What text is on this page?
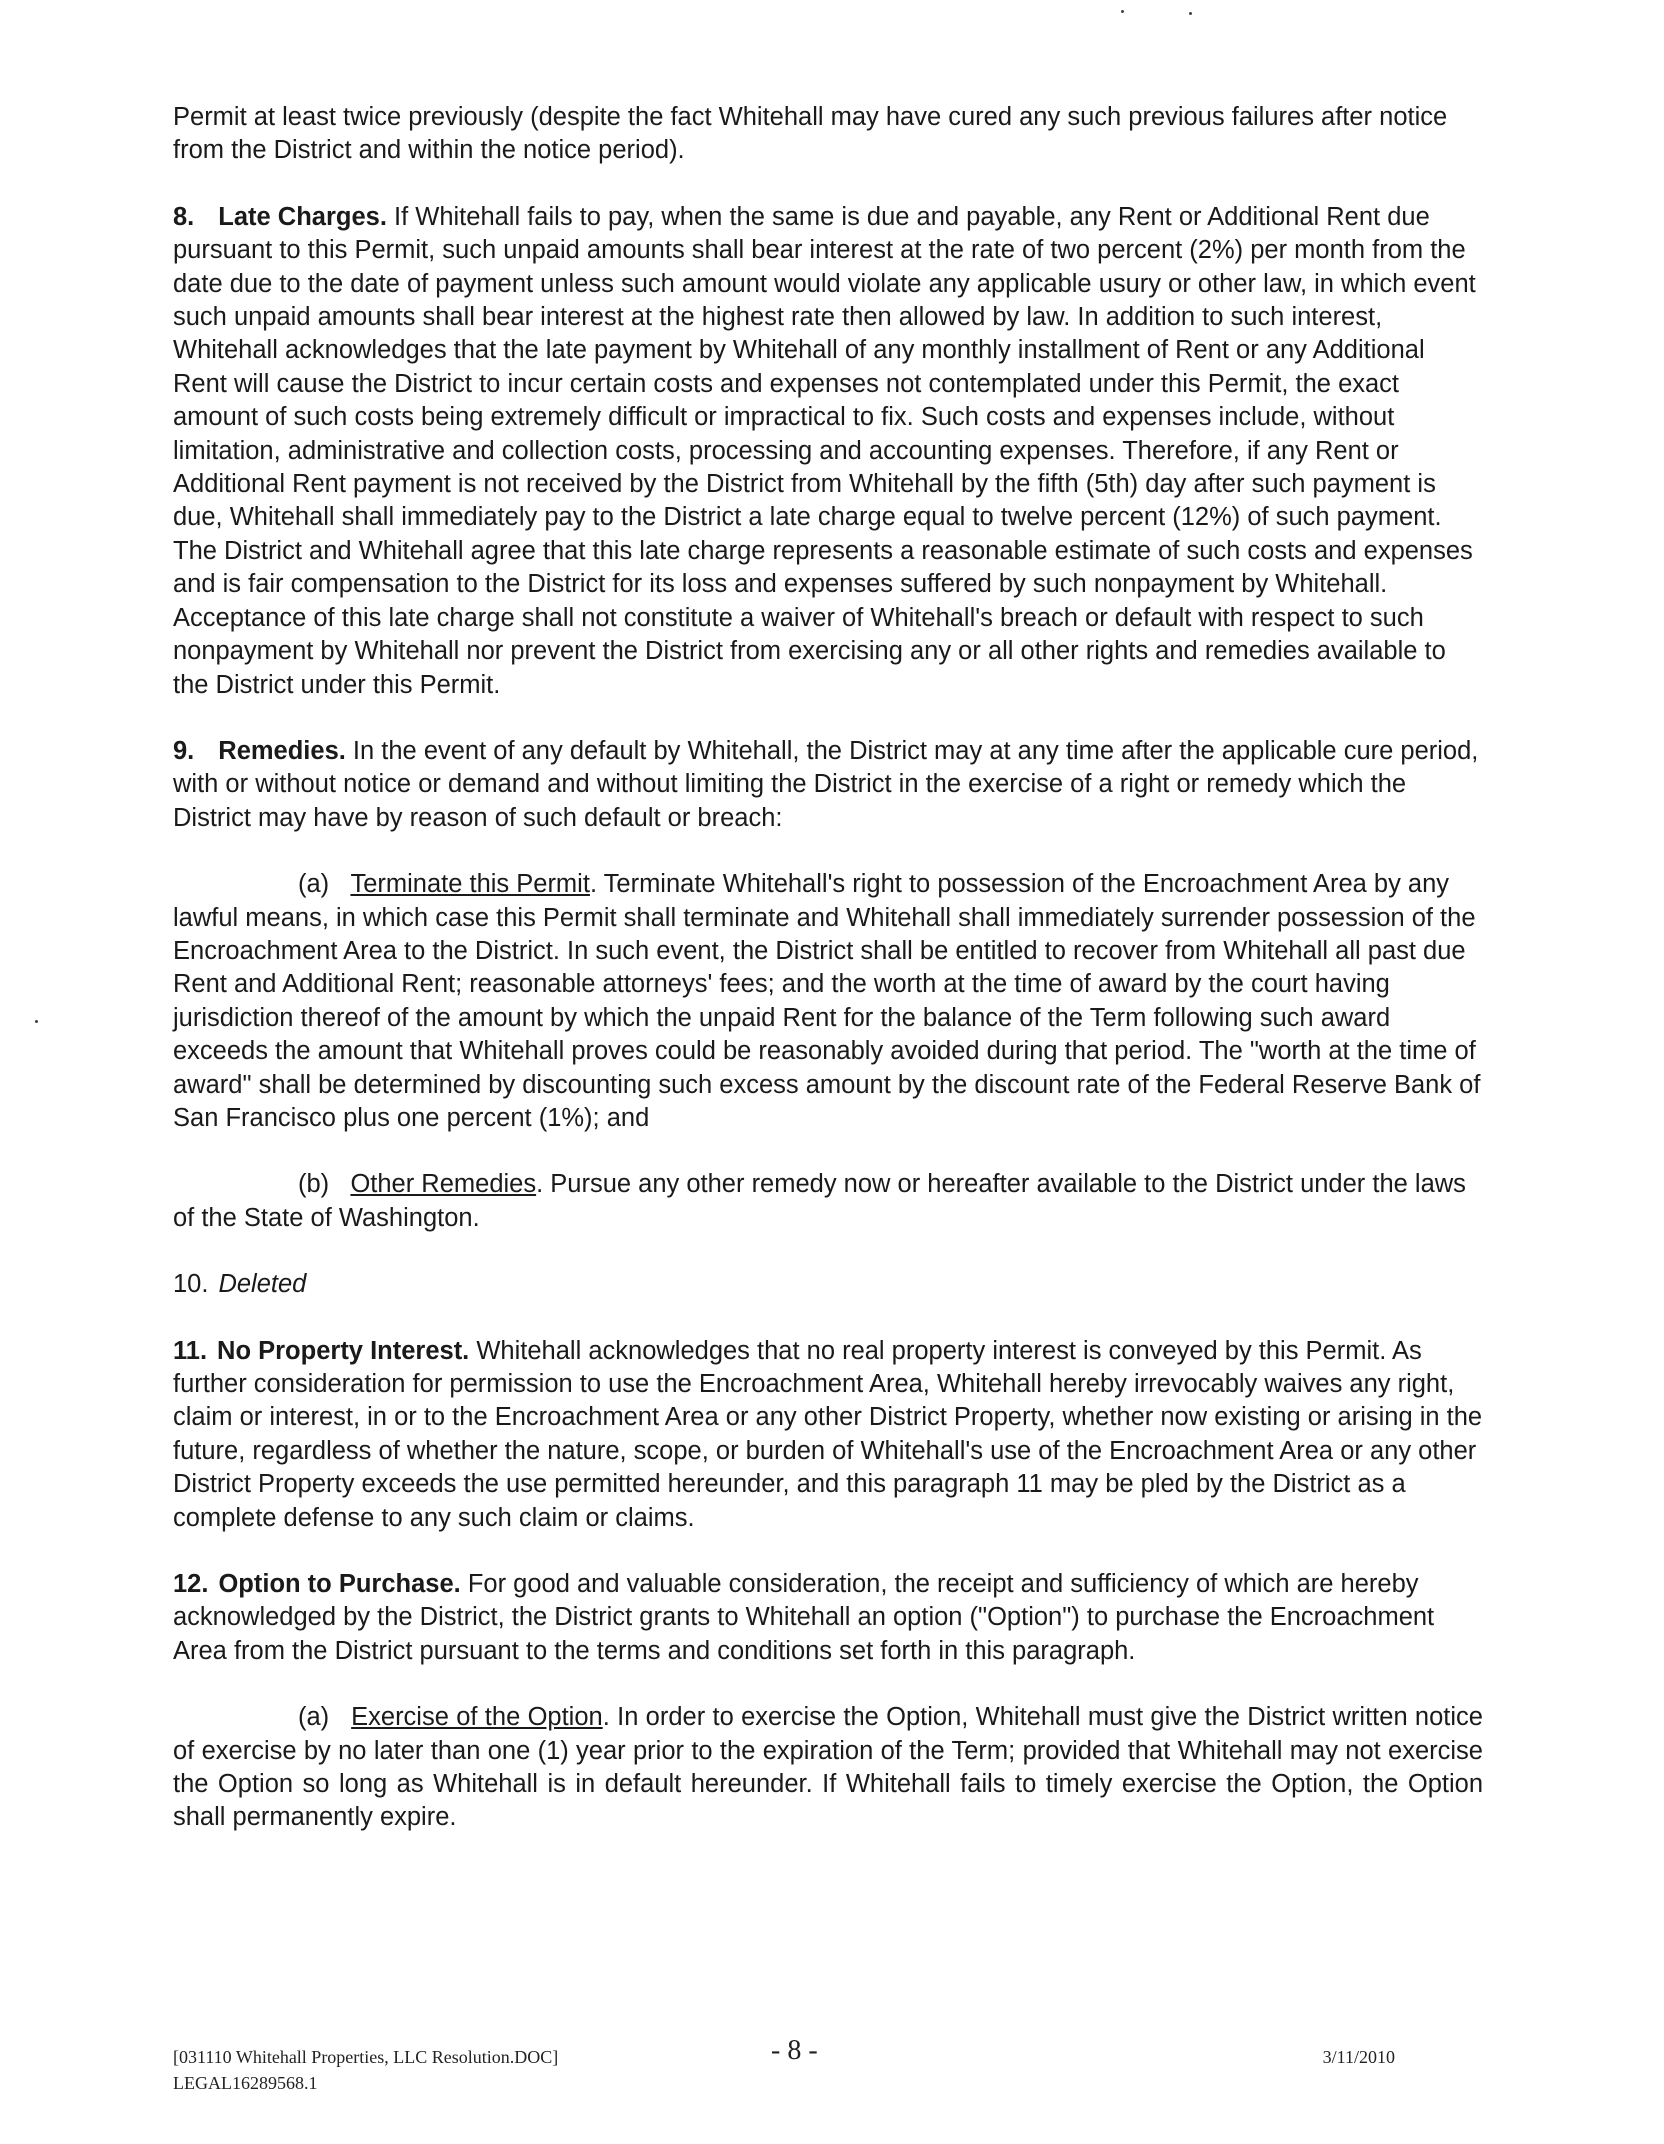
Permit at least twice previously (despite the fact Whitehall may have cured any such previous failures after notice from the District and within the notice period).

8. Late Charges. If Whitehall fails to pay, when the same is due and payable, any Rent or Additional Rent due pursuant to this Permit, such unpaid amounts shall bear interest at the rate of two percent (2%) per month from the date due to the date of payment unless such amount would violate any applicable usury or other law, in which event such unpaid amounts shall bear interest at the highest rate then allowed by law. In addition to such interest, Whitehall acknowledges that the late payment by Whitehall of any monthly installment of Rent or any Additional Rent will cause the District to incur certain costs and expenses not contemplated under this Permit, the exact amount of such costs being extremely difficult or impractical to fix. Such costs and expenses include, without limitation, administrative and collection costs, processing and accounting expenses. Therefore, if any Rent or Additional Rent payment is not received by the District from Whitehall by the fifth (5th) day after such payment is due, Whitehall shall immediately pay to the District a late charge equal to twelve percent (12%) of such payment. The District and Whitehall agree that this late charge represents a reasonable estimate of such costs and expenses and is fair compensation to the District for its loss and expenses suffered by such nonpayment by Whitehall. Acceptance of this late charge shall not constitute a waiver of Whitehall's breach or default with respect to such nonpayment by Whitehall nor prevent the District from exercising any or all other rights and remedies available to the District under this Permit.

9. Remedies. In the event of any default by Whitehall, the District may at any time after the applicable cure period, with or without notice or demand and without limiting the District in the exercise of a right or remedy which the District may have by reason of such default or breach:

(a) Terminate this Permit. Terminate Whitehall's right to possession of the Encroachment Area by any lawful means, in which case this Permit shall terminate and Whitehall shall immediately surrender possession of the Encroachment Area to the District. In such event, the District shall be entitled to recover from Whitehall all past due Rent and Additional Rent; reasonable attorneys' fees; and the worth at the time of award by the court having jurisdiction thereof of the amount by which the unpaid Rent for the balance of the Term following such award exceeds the amount that Whitehall proves could be reasonably avoided during that period. The "worth at the time of award" shall be determined by discounting such excess amount by the discount rate of the Federal Reserve Bank of San Francisco plus one percent (1%); and

(b) Other Remedies. Pursue any other remedy now or hereafter available to the District under the laws of the State of Washington.

10. Deleted

11. No Property Interest. Whitehall acknowledges that no real property interest is conveyed by this Permit. As further consideration for permission to use the Encroachment Area, Whitehall hereby irrevocably waives any right, claim or interest, in or to the Encroachment Area or any other District Property, whether now existing or arising in the future, regardless of whether the nature, scope, or burden of Whitehall's use of the Encroachment Area or any other District Property exceeds the use permitted hereunder, and this paragraph 11 may be pled by the District as a complete defense to any such claim or claims.

12. Option to Purchase. For good and valuable consideration, the receipt and sufficiency of which are hereby acknowledged by the District, the District grants to Whitehall an option ("Option") to purchase the Encroachment Area from the District pursuant to the terms and conditions set forth in this paragraph.

(a) Exercise of the Option. In order to exercise the Option, Whitehall must give the District written notice of exercise by no later than one (1) year prior to the expiration of the Term; provided that Whitehall may not exercise the Option so long as Whitehall is in default hereunder. If Whitehall fails to timely exercise the Option, the Option shall permanently expire.

[031110 Whitehall Properties, LLC Resolution.DOC]	- 8 -	3/11/2010
LEGAL16289568.1
